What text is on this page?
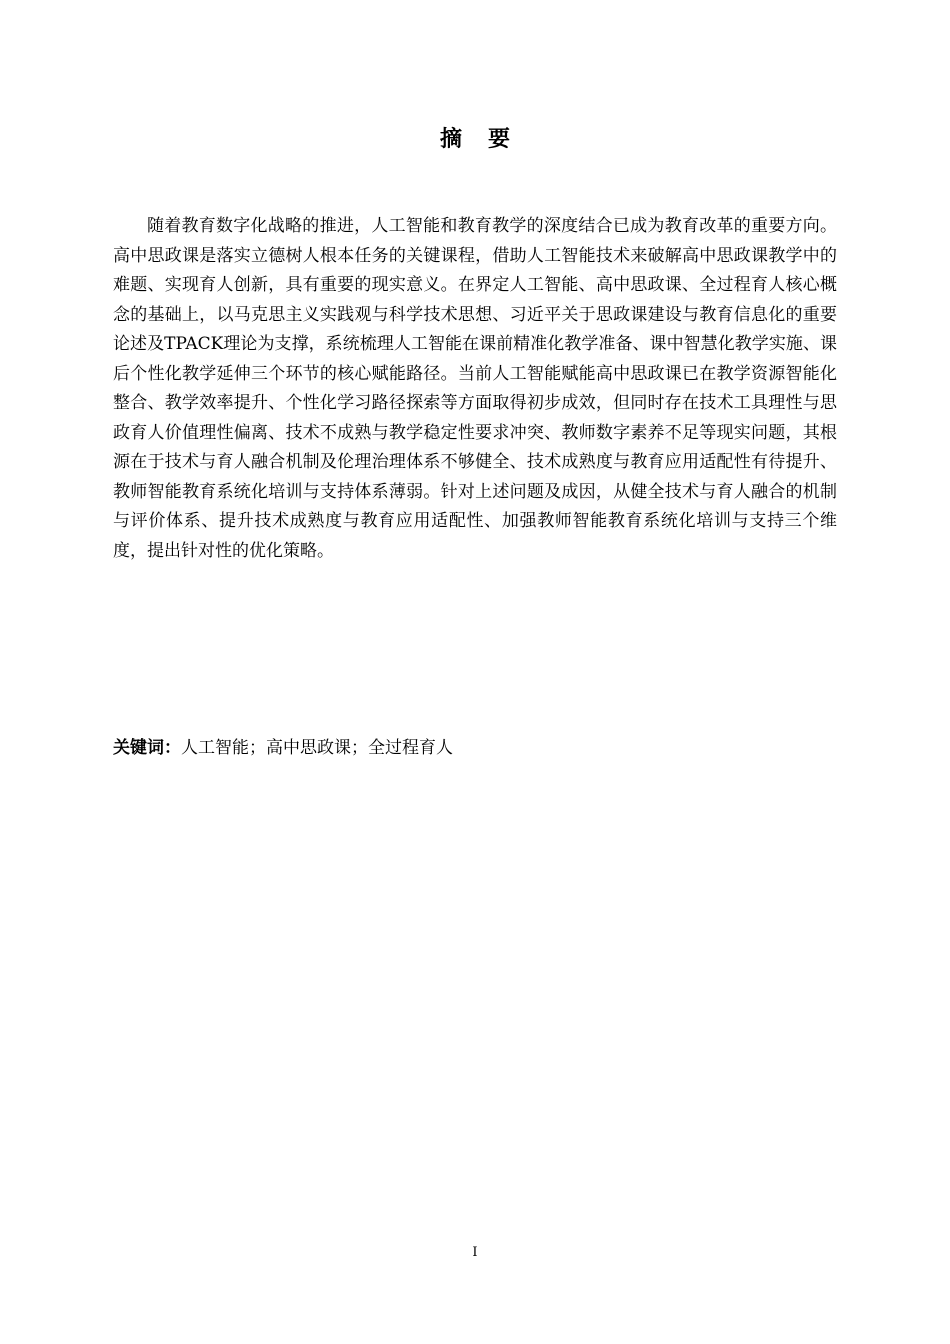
摘要

随着教育数字化战略的推进，人工智能和教育教学的深度结合已成为教育改革的重要方向。高中思政课是落实立德树人根本任务的关键课程，借助人工智能技术来破解高中思政课教学中的难题、实现育人创新，具有重要的现实意义。在界定人工智能、高中思政课、全过程育人核心概念的基础上，以马克思主义实践观与科学技术思想、习近平关于思政课建设与教育信息化的重要论述及TPACK理论为支撑，系统梳理人工智能在课前精准化教学准备、课中智慧化教学实施、课后个性化教学延伸三个环节的核心赋能路径。当前人工智能赋能高中思政课已在教学资源智能化整合、教学效率提升、个性化学习路径探索等方面取得初步成效，但同时存在技术工具理性与思政育人价值理性偏离、技术不成熟与教学稳定性要求冲突、教师数字素养不足等现实问题，其根源在于技术与育人融合机制及伦理治理体系不够健全、技术成熟度与教育应用适配性有待提升、教师智能教育系统化培训与支持体系薄弱。针对上述问题及成因，从健全技术与育人融合的机制与评价体系、提升技术成熟度与教育应用适配性、加强教师智能教育系统化培训与支持三个维度，提出针对性的优化策略。

关键词：人工智能；高中思政课；全过程育人
I
